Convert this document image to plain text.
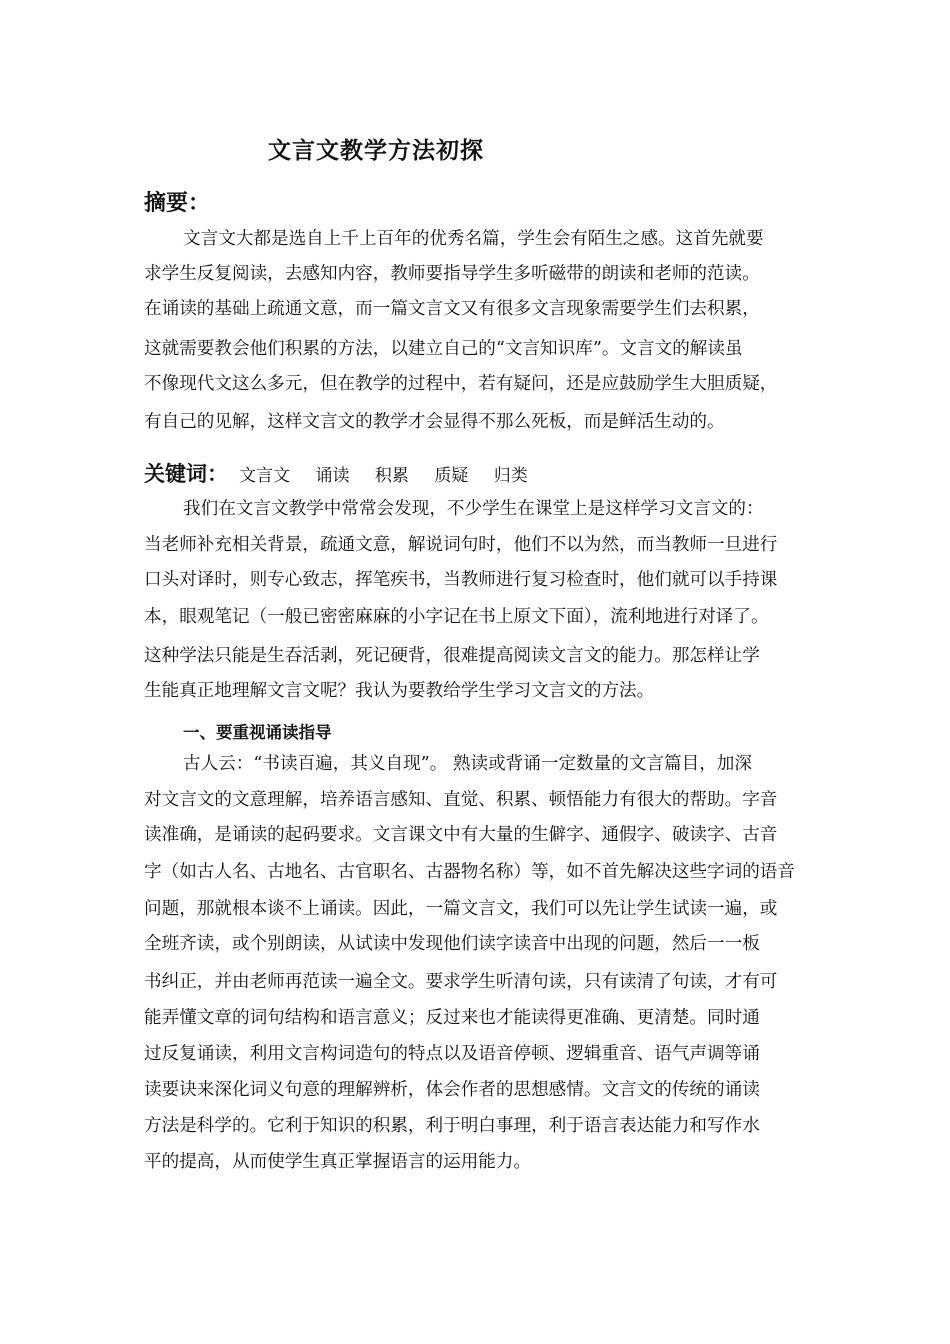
文言文教学方法初探
摘要：
文言文大都是选自上千上百年的优秀名篇，学生会有陌生之感。这首先就要
求学生反复阅读，去感知内容，教师要指导学生多听磁带的朗读和老师的范读。
在诵读的基础上疏通文意，而一篇文言文又有很多文言现象需要学生们去积累，
这就需要教会他们积累的方法，以建立自己的“文言知识库”。文言文的解读虽
不像现代文这么多元，但在教学的过程中，若有疑问，还是应鼓励学生大胆质疑，
有自己的见解，这样文言文的教学才会显得不那么死板，而是鲜活生动的。
关键词： 文言文 诵读 积累 质疑 归类
我们在文言文教学中常常会发现，不少学生在课堂上是这样学习文言文的：
当老师补充相关背景，疏通文意，解说词句时，他们不以为然，而当教师一旦进行
口头对译时，则专心致志，挥笔疾书，当教师进行复习检查时，他们就可以手持课
本，眼观笔记（一般已密密麻麻的小字记在书上原文下面），流利地进行对译了。
这种学法只能是生吞活剥，死记硬背，很难提高阅读文言文的能力。那怎样让学
生能真正地理解文言文呢？我认为要教给学生学习文言文的方法。
一、要重视诵读指导
古人云：“书读百遍，其义自现”。 熟读或背诵一定数量的文言篇目，加深
对文言文的文意理解，培养语言感知、直觉、积累、顿悟能力有很大的帮助。字音
读准确，是诵读的起码要求。文言课文中有大量的生僻字、通假字、破读字、古音
字（如古人名、古地名、古官职名、古器物名称）等，如不首先解决这些字词的语音
问题，那就根本谈不上诵读。因此，一篇文言文，我们可以先让学生试读一遍，或
全班齐读，或个别朗读，从试读中发现他们读字读音中出现的问题，然后一一板
书纠正，并由老师再范读一遍全文。要求学生听清句读，只有读清了句读，才有可
能弄懂文章的词句结构和语言意义；反过来也才能读得更准确、更清楚。同时通
过反复诵读，利用文言构词造句的特点以及语音停顿、逻辑重音、语气声调等诵
读要诀来深化词义句意的理解辨析，体会作者的思想感情。文言文的传统的诵读
方法是科学的。它利于知识的积累，利于明白事理，利于语言表达能力和写作水
平的提高，从而使学生真正掌握语言的运用能力。
